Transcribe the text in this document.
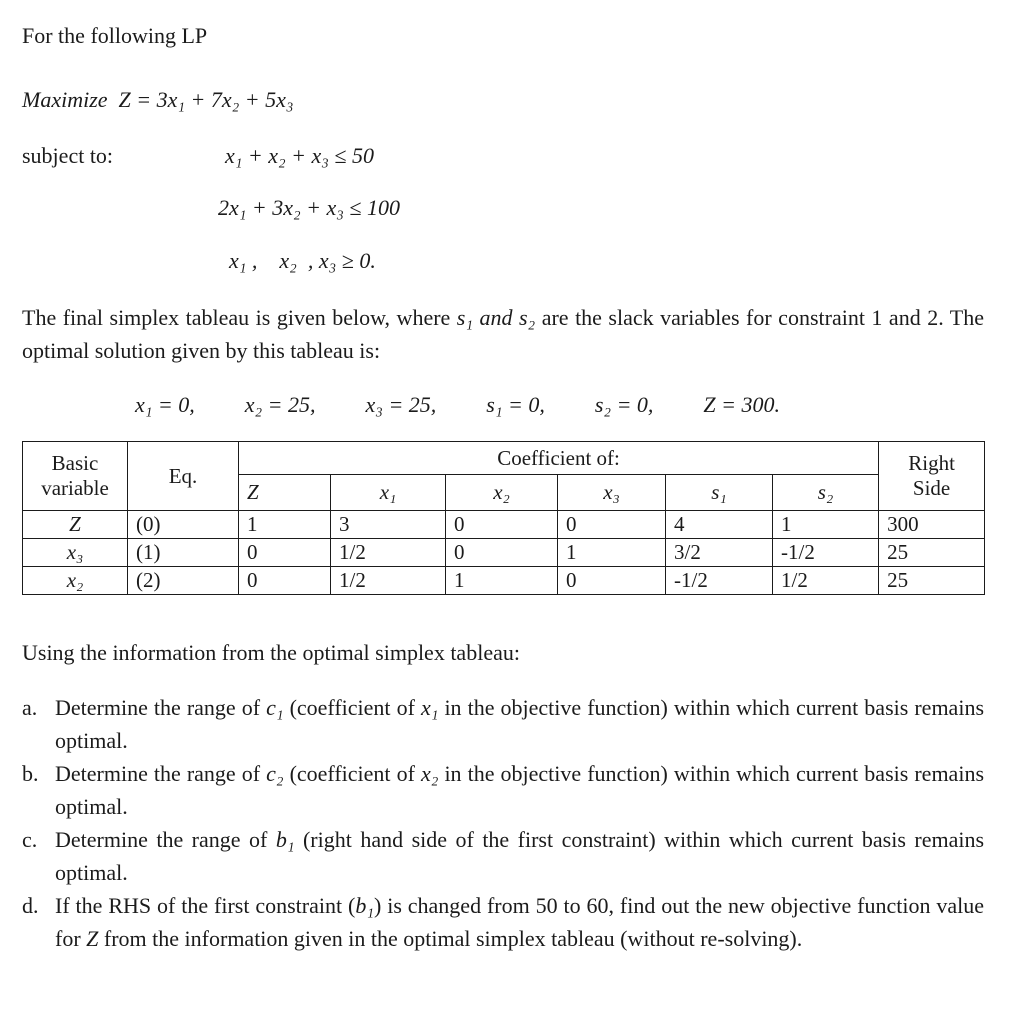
For the following LP

Maximize  Z = 3x₁ + 7x₂ + 5x₃

subject to:	x₁ + x₂ + x₃ ≤ 50

2x₁ + 3x₂ + x₃ ≤ 100

x₁ ,    x₂  , x₃ ≥ 0.

The final simplex tableau is given below, where s₁ and s₂ are the slack variables for constraint 1 and 2. The optimal solution given by this tableau is:

x₁ = 0, x₂ = 25, x₃ = 25, s₁ = 0, s₂ = 0, Z = 300.
Basic variable	Eq.	Coefficient of:						Right Side
		Z	x₁	x₂	x₃	s₁	s₂	
Z	(0)	1	3	0	0	4	1	300
x₃	(1)	0	1/2	0	1	3/2	-1/2	25
x₂	(2)	0	1/2	1	0	-1/2	1/2	25

Using the information from the optimal simplex tableau:

a. Determine the range of c₁ (coefficient of x₁ in the objective function) within which current basis remains optimal.
b. Determine the range of c₂ (coefficient of x₂ in the objective function) within which current basis remains optimal.
c. Determine the range of b₁ (right hand side of the first constraint) within which current basis remains optimal.
d. If the RHS of the first constraint (b₁) is changed from 50 to 60, find out the new objective function value for Z from the information given in the optimal simplex tableau (without re-solving).
